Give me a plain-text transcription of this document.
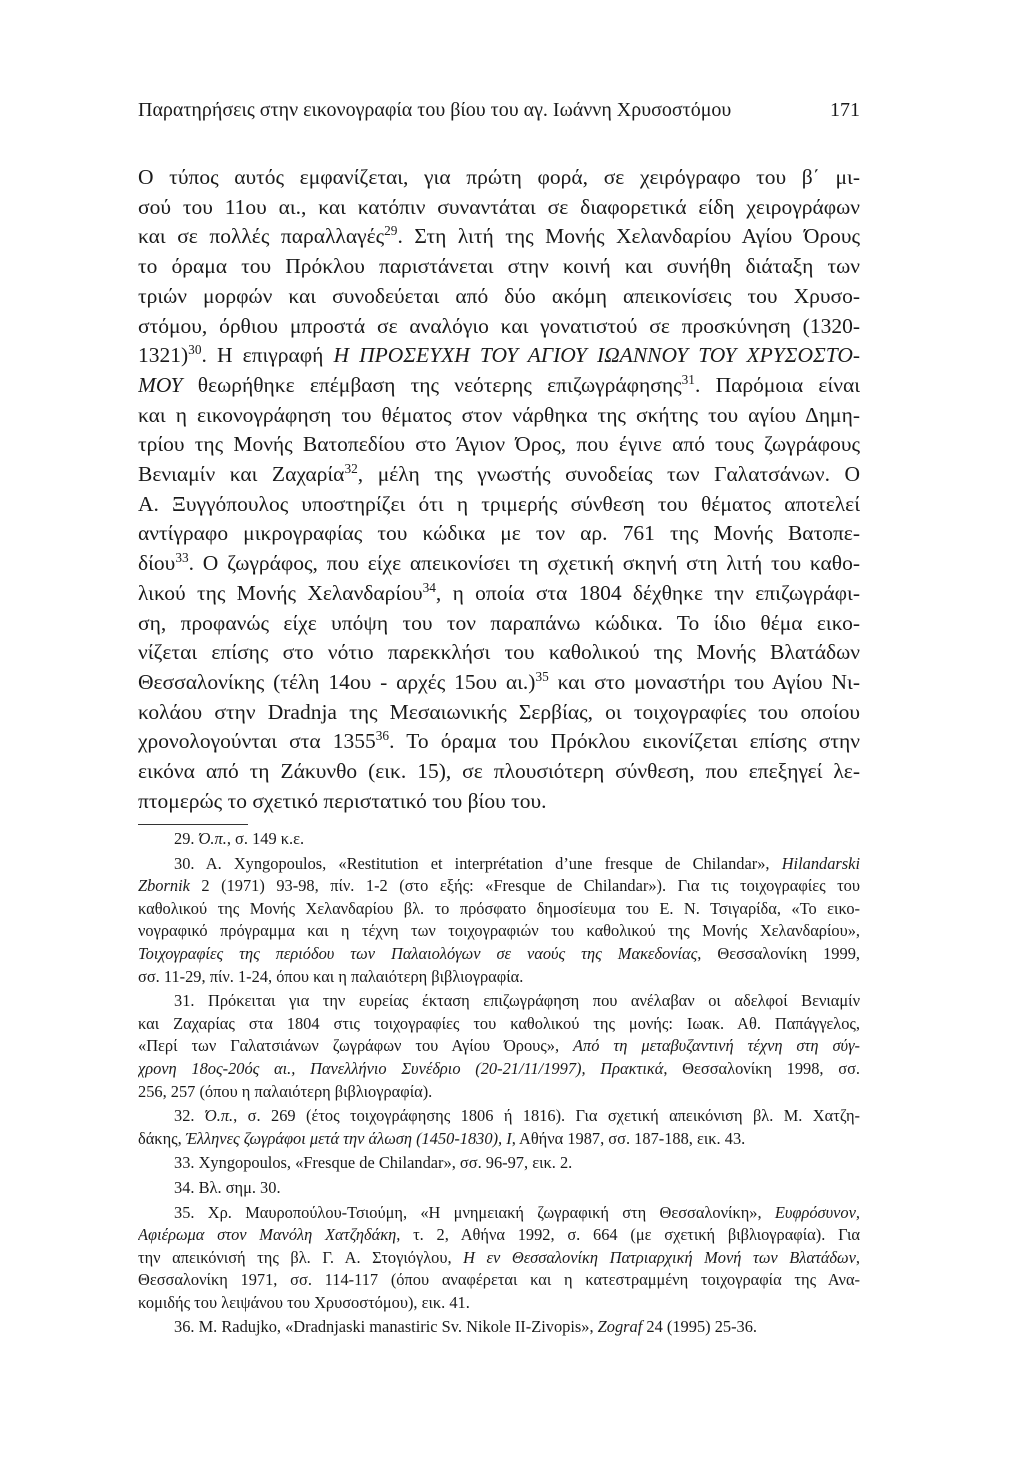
Παρατηρήσεις στην εικονογραφία του βίου του αγ. Ιωάννη Χρυσοστόμου	171
Ο τύπος αυτός εμφανίζεται, για πρώτη φορά, σε χειρόγραφο του β΄ μι-
σού του 11ου αι., και κατόπιν συναντάται σε διαφορετικά είδη χειρογράφων
και σε πολλές παραλλαγές$^{29}$. Στη λιτή της Μονής Χελανδαρίου Αγίου Όρους
το όραμα του Πρόκλου παριστάνεται στην κοινή και συνήθη διάταξη των
τριών μορφών και συνοδεύεται από δύο ακόμη απεικονίσεις του Χρυσο-
στόμου, όρθιου μπροστά σε αναλόγιο και γονατιστού σε προσκύνηση (1320-
1321)$^{30}$. Η επιγραφή Η ΠΡΟΣΕΥΧΗ ΤΟΥ ΑΓΙΟΥ ΙΩΑΝΝΟΥ ΤΟΥ ΧΡΥΣΟΣΤΟ-
ΜΟΥ θεωρήθηκε επέμβαση της νεότερης επιζωγράφησης$^{31}$. Παρόμοια είναι
και η εικονογράφηση του θέματος στον νάρθηκα της σκήτης του αγίου Δημη-
τρίου της Μονής Βατοπεδίου στο Άγιον Όρος, που έγινε από τους ζωγράφους
Βενιαμίν και Ζαχαρία$^{32}$, μέλη της γνωστής συνοδείας των Γαλατσάνων. Ο
Α. Ξυγγόπουλος υποστηρίζει ότι η τριμερής σύνθεση του θέματος αποτελεί
αντίγραφο μικρογραφίας του κώδικα με τον αρ. 761 της Μονής Βατοπε-
δίου$^{33}$. Ο ζωγράφος, που είχε απεικονίσει τη σχετική σκηνή στη λιτή του καθο-
λικού της Μονής Χελανδαρίου$^{34}$, η οποία στα 1804 δέχθηκε την επιζωγράφι-
ση, προφανώς είχε υπόψη του τον παραπάνω κώδικα. Το ίδιο θέμα εικο-
νίζεται επίσης στο νότιο παρεκκλήσι του καθολικού της Μονής Βλατάδων
Θεσσαλονίκης (τέλη 14ου - αρχές 15ου αι.)$^{35}$ και στο μοναστήρι του Αγίου Νι-
κολάου στην Dradnja της Μεσαιωνικής Σερβίας, οι τοιχογραφίες του οποίου
χρονολογούνται στα 1355$^{36}$. Το όραμα του Πρόκλου εικονίζεται επίσης στην
εικόνα από τη Ζάκυνθο (εικ. 15), σε πλουσιότερη σύνθεση, που επεξηγεί λε-
πτομερώς το σχετικό περιστατικό του βίου του.
29. Ό.π., σ. 149 κ.ε.
30. A. Xyngopoulos, «Restitution et interprétation d’une fresque de Chilandar», Hilandarski
Zbornik 2 (1971) 93-98, πίν. 1-2 (στο εξής: «Fresque de Chilandar»). Για τις τοιχογραφίες του
καθολικού της Μονής Χελανδαρίου βλ. το πρόσφατο δημοσίευμα του Ε. Ν. Τσιγαρίδα, «Το εικο-
νογραφικό πρόγραμμα και η τέχνη των τοιχογραφιών του καθολικού της Μονής Χελανδαρίου»,
Τοιχογραφίες της περιόδου των Παλαιολόγων σε ναούς της Μακεδονίας, Θεσσαλονίκη 1999,
σσ. 11-29, πίν. 1-24, όπου και η παλαιότερη βιβλιογραφία.
31. Πρόκειται για την ευρείας έκταση επιζωγράφηση που ανέλαβαν οι αδελφοί Βενιαμίν
και Ζαχαρίας στα 1804 στις τοιχογραφίες του καθολικού της μονής: Ιωακ. Αθ. Παπάγγελος,
«Περί των Γαλατσιάνων ζωγράφων του Αγίου Όρους», Από τη μεταβυζαντινή τέχνη στη σύγ-
χρονη 18ος-20ός αι., Πανελλήνιο Συνέδριο (20-21/11/1997), Πρακτικά, Θεσσαλονίκη 1998, σσ.
256, 257 (όπου η παλαιότερη βιβλιογραφία).
32. Ό.π., σ. 269 (έτος τοιχογράφησης 1806 ή 1816). Για σχετική απεικόνιση βλ. Μ. Χατζη-
δάκης, Έλληνες ζωγράφοι μετά την άλωση (1450-1830), Ι, Αθήνα 1987, σσ. 187-188, εικ. 43.
33. Xyngopoulos, «Fresque de Chilandar», σσ. 96-97, εικ. 2.
34. Βλ. σημ. 30.
35. Χρ. Μαυροπούλου-Τσιούμη, «Η μνημειακή ζωγραφική στη Θεσσαλονίκη», Ευφρόσυνον,
Αφιέρωμα στον Μανόλη Χατζηδάκη, τ. 2, Αθήνα 1992, σ. 664 (με σχετική βιβλιογραφία). Για
την απεικόνισή της βλ. Γ. Α. Στογιόγλου, Η εν Θεσσαλονίκη Πατριαρχική Μονή των Βλατάδων,
Θεσσαλονίκη 1971, σσ. 114-117 (όπου αναφέρεται και η κατεστραμμένη τοιχογραφία της Ανα-
κομιδής του λειψάνου του Χρυσοστόμου), εικ. 41.
36. M. Radujko, «Dradnjaski manastiric Sv. Nikole II-Zivopis», Zograf 24 (1995) 25-36.
